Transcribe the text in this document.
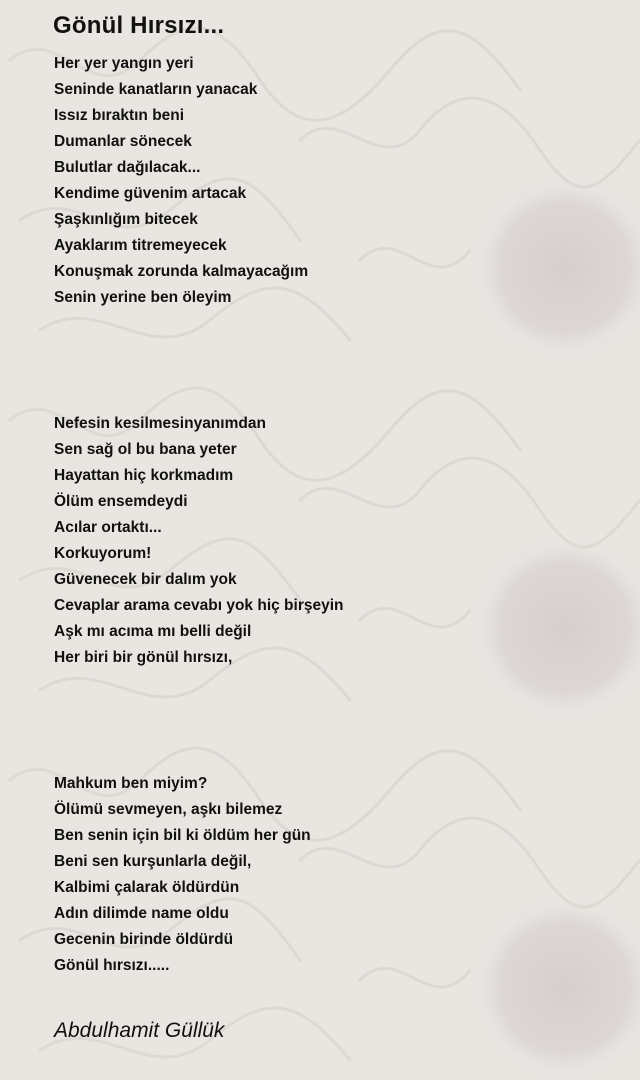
Gönül Hırsızı...
Her yer yangın yeri
Seninde kanatların yanacak
Issız bıraktın beni
Dumanlar sönecek
Bulutlar dağılacak...
Kendime güvenim artacak
Şaşkınlığım bitecek
Ayaklarım titremeyecek
Konuşmak zorunda kalmayacağım
Senin yerine ben öleyim
Nefesin kesilmesinyanımdan
Sen sağ ol bu bana yeter
Hayattan hiç korkmadım
Ölüm ensemdeydi
Acılar ortaktı...
Korkuyorum!
Güvenecek bir dalım yok
Cevaplar arama cevabı yok hiç birşeyin
Aşk mı acıma mı belli değil
Her biri bir gönül hırsızı,
Mahkum ben miyim?
Ölümü sevmeyen, aşkı bilemez
Ben senin için bil ki öldüm her gün
Beni sen kurşunlarla değil,
Kalbimi çalarak öldürdün
Adın dilimde name oldu
Gecenin birinde öldürdü
Gönül hırsızı.....

Abdulhamit Güllük
